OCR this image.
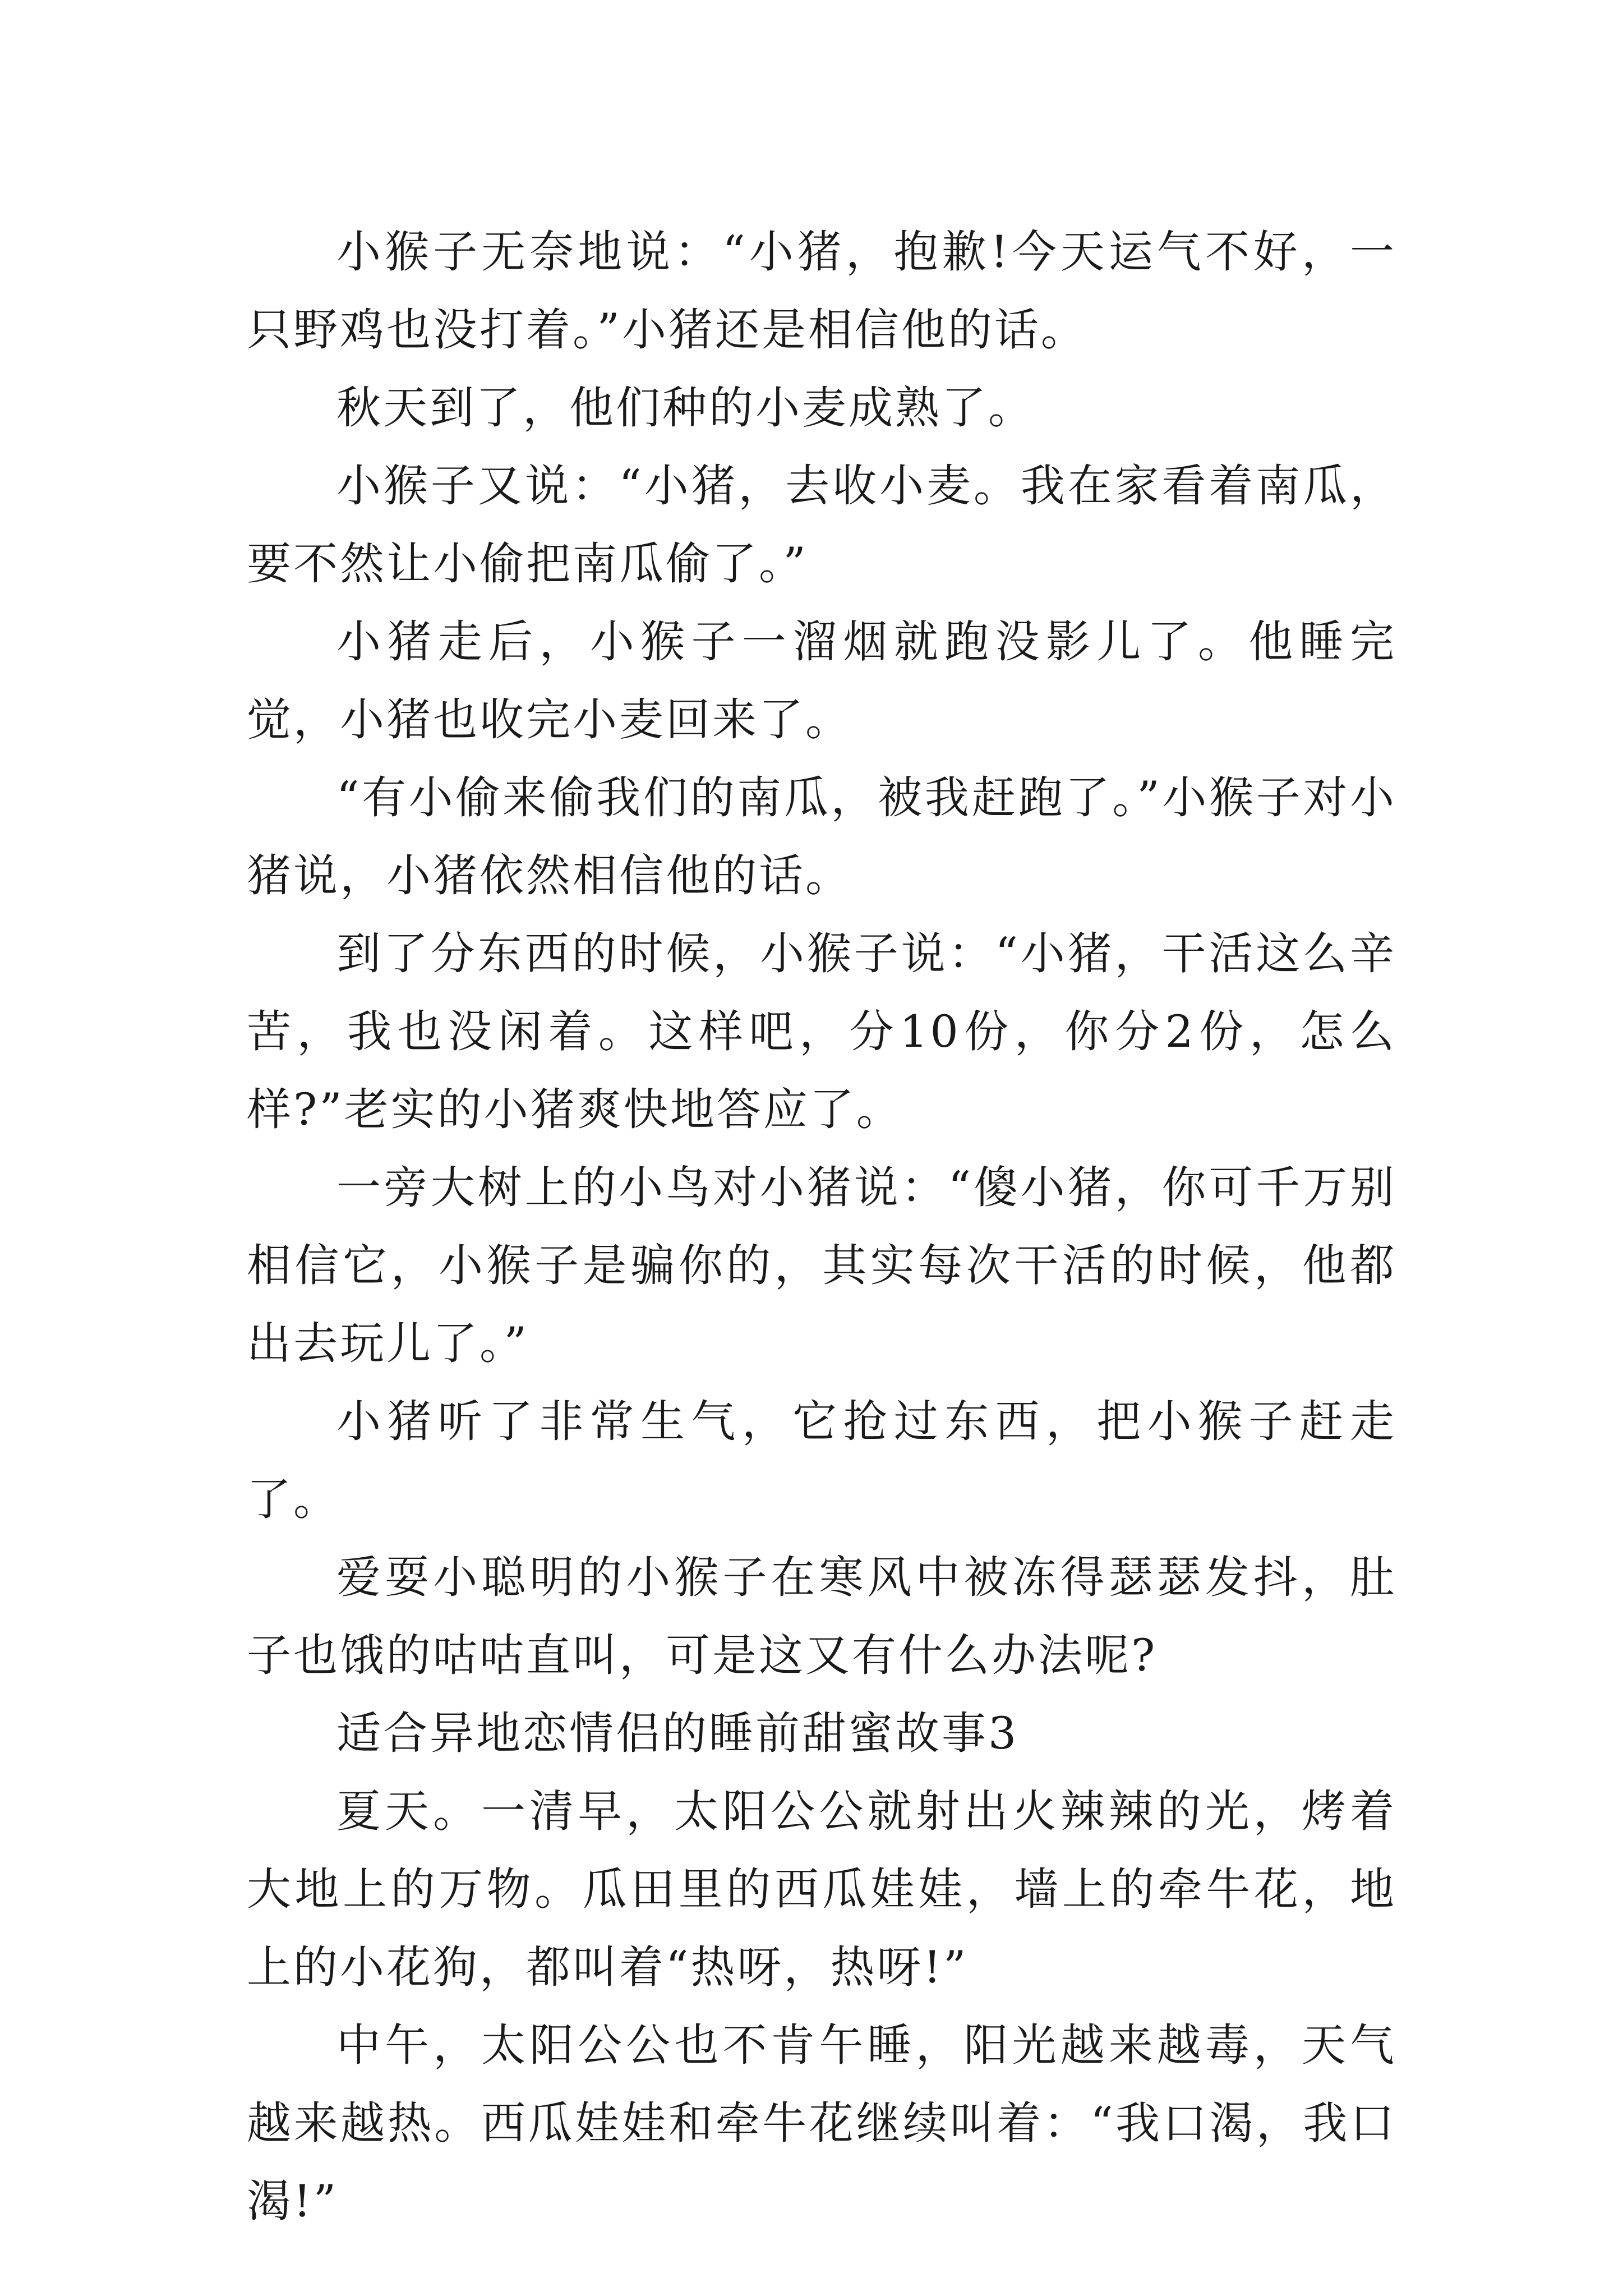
小猴子无奈地说：“小猪，抱歉!今天运气不好，一只野鸡也没打着。”小猪还是相信他的话。

秋天到了，他们种的小麦成熟了。

小猴子又说：“小猪，去收小麦。我在家看着南瓜，要不然让小偷把南瓜偷了。”

小猪走后，小猴子一溜烟就跑没影儿了。他睡完觉，小猪也收完小麦回来了。

“有小偷来偷我们的南瓜，被我赶跑了。”小猴子对小猪说，小猪依然相信他的话。

到了分东西的时候，小猴子说：“小猪，干活这么辛苦，我也没闲着。这样吧，分10份，你分2份，怎么样?”老实的小猪爽快地答应了。

一旁大树上的小鸟对小猪说：“傻小猪，你可千万别相信它，小猴子是骗你的，其实每次干活的时候，他都出去玩儿了。”

小猪听了非常生气，它抢过东西，把小猴子赶走了。

爱耍小聪明的小猴子在寒风中被冻得瑟瑟发抖，肚子也饿的咕咕直叫，可是这又有什么办法呢?

适合异地恋情侣的睡前甜蜜故事3

夏天。一清早，太阳公公就射出火辣辣的光，烤着大地上的万物。瓜田里的西瓜娃娃，墙上的牵牛花，地上的小花狗，都叫着“热呀，热呀!”

中午，太阳公公也不肯午睡，阳光越来越毒，天气越来越热。西瓜娃娃和牵牛花继续叫着：“我口渴，我口渴!”
